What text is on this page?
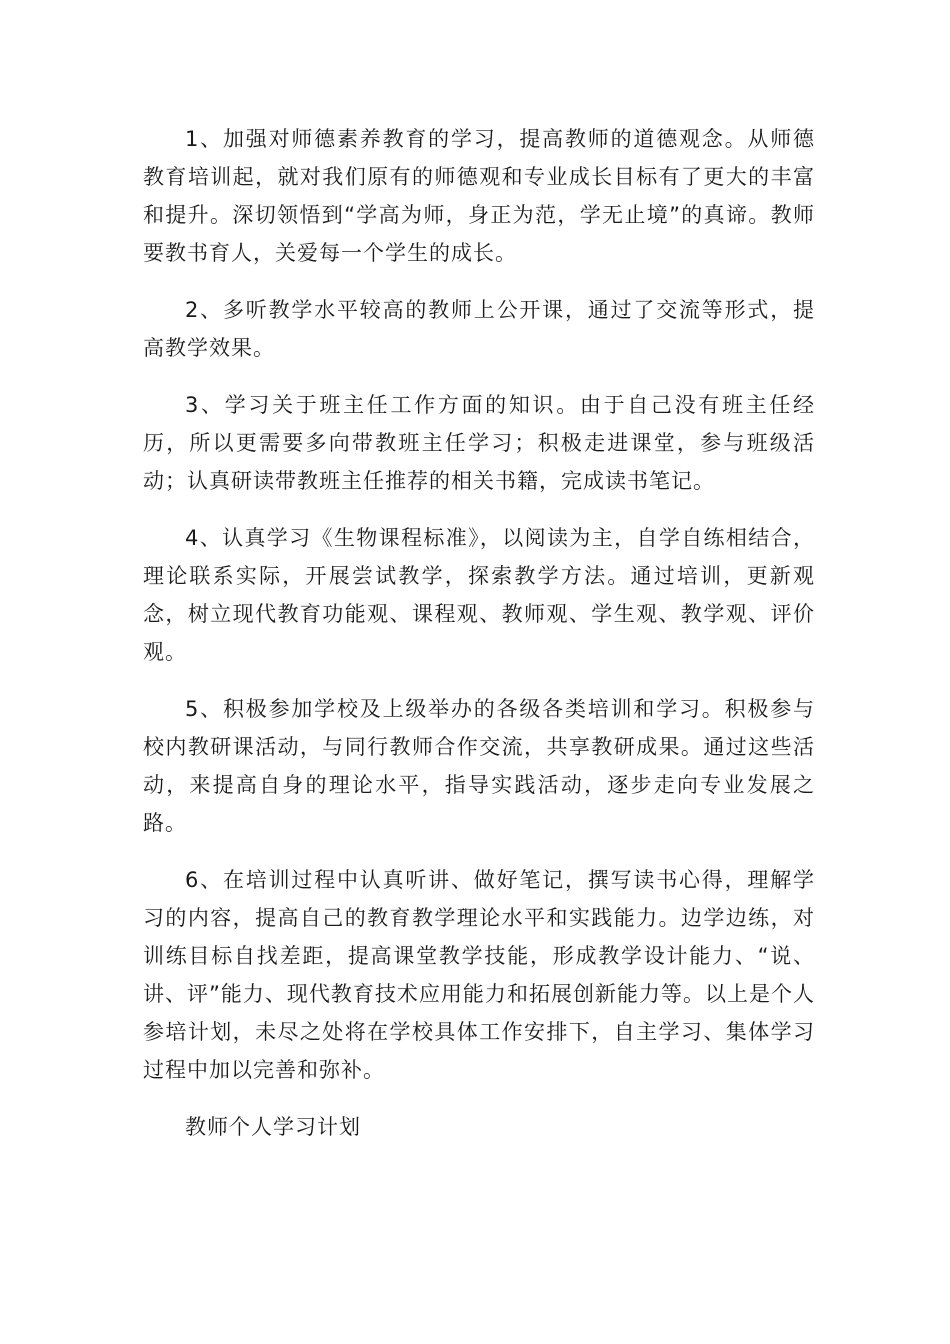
1、加强对师德素养教育的学习，提高教师的道德观念。从师德教育培训起，就对我们原有的师德观和专业成长目标有了更大的丰富和提升。深切领悟到“学高为师，身正为范，学无止境”的真谛。教师要教书育人，关爱每一个学生的成长。

2、多听教学水平较高的教师上公开课，通过了交流等形式，提高教学效果。

3、学习关于班主任工作方面的知识。由于自己没有班主任经历，所以更需要多向带教班主任学习；积极走进课堂，参与班级活动；认真研读带教班主任推荐的相关书籍，完成读书笔记。

4、认真学习《生物课程标准》，以阅读为主，自学自练相结合，理论联系实际，开展尝试教学，探索教学方法。通过培训，更新观念，树立现代教育功能观、课程观、教师观、学生观、教学观、评价观。

5、积极参加学校及上级举办的各级各类培训和学习。积极参与校内教研课活动，与同行教师合作交流，共享教研成果。通过这些活动，来提高自身的理论水平，指导实践活动，逐步走向专业发展之路。

6、在培训过程中认真听讲、做好笔记，撰写读书心得，理解学习的内容，提高自己的教育教学理论水平和实践能力。边学边练，对训练目标自找差距，提高课堂教学技能，形成教学设计能力、“说、讲、评”能力、现代教育技术应用能力和拓展创新能力等。以上是个人参培计划，未尽之处将在学校具体工作安排下，自主学习、集体学习过程中加以完善和弥补。

教师个人学习计划
